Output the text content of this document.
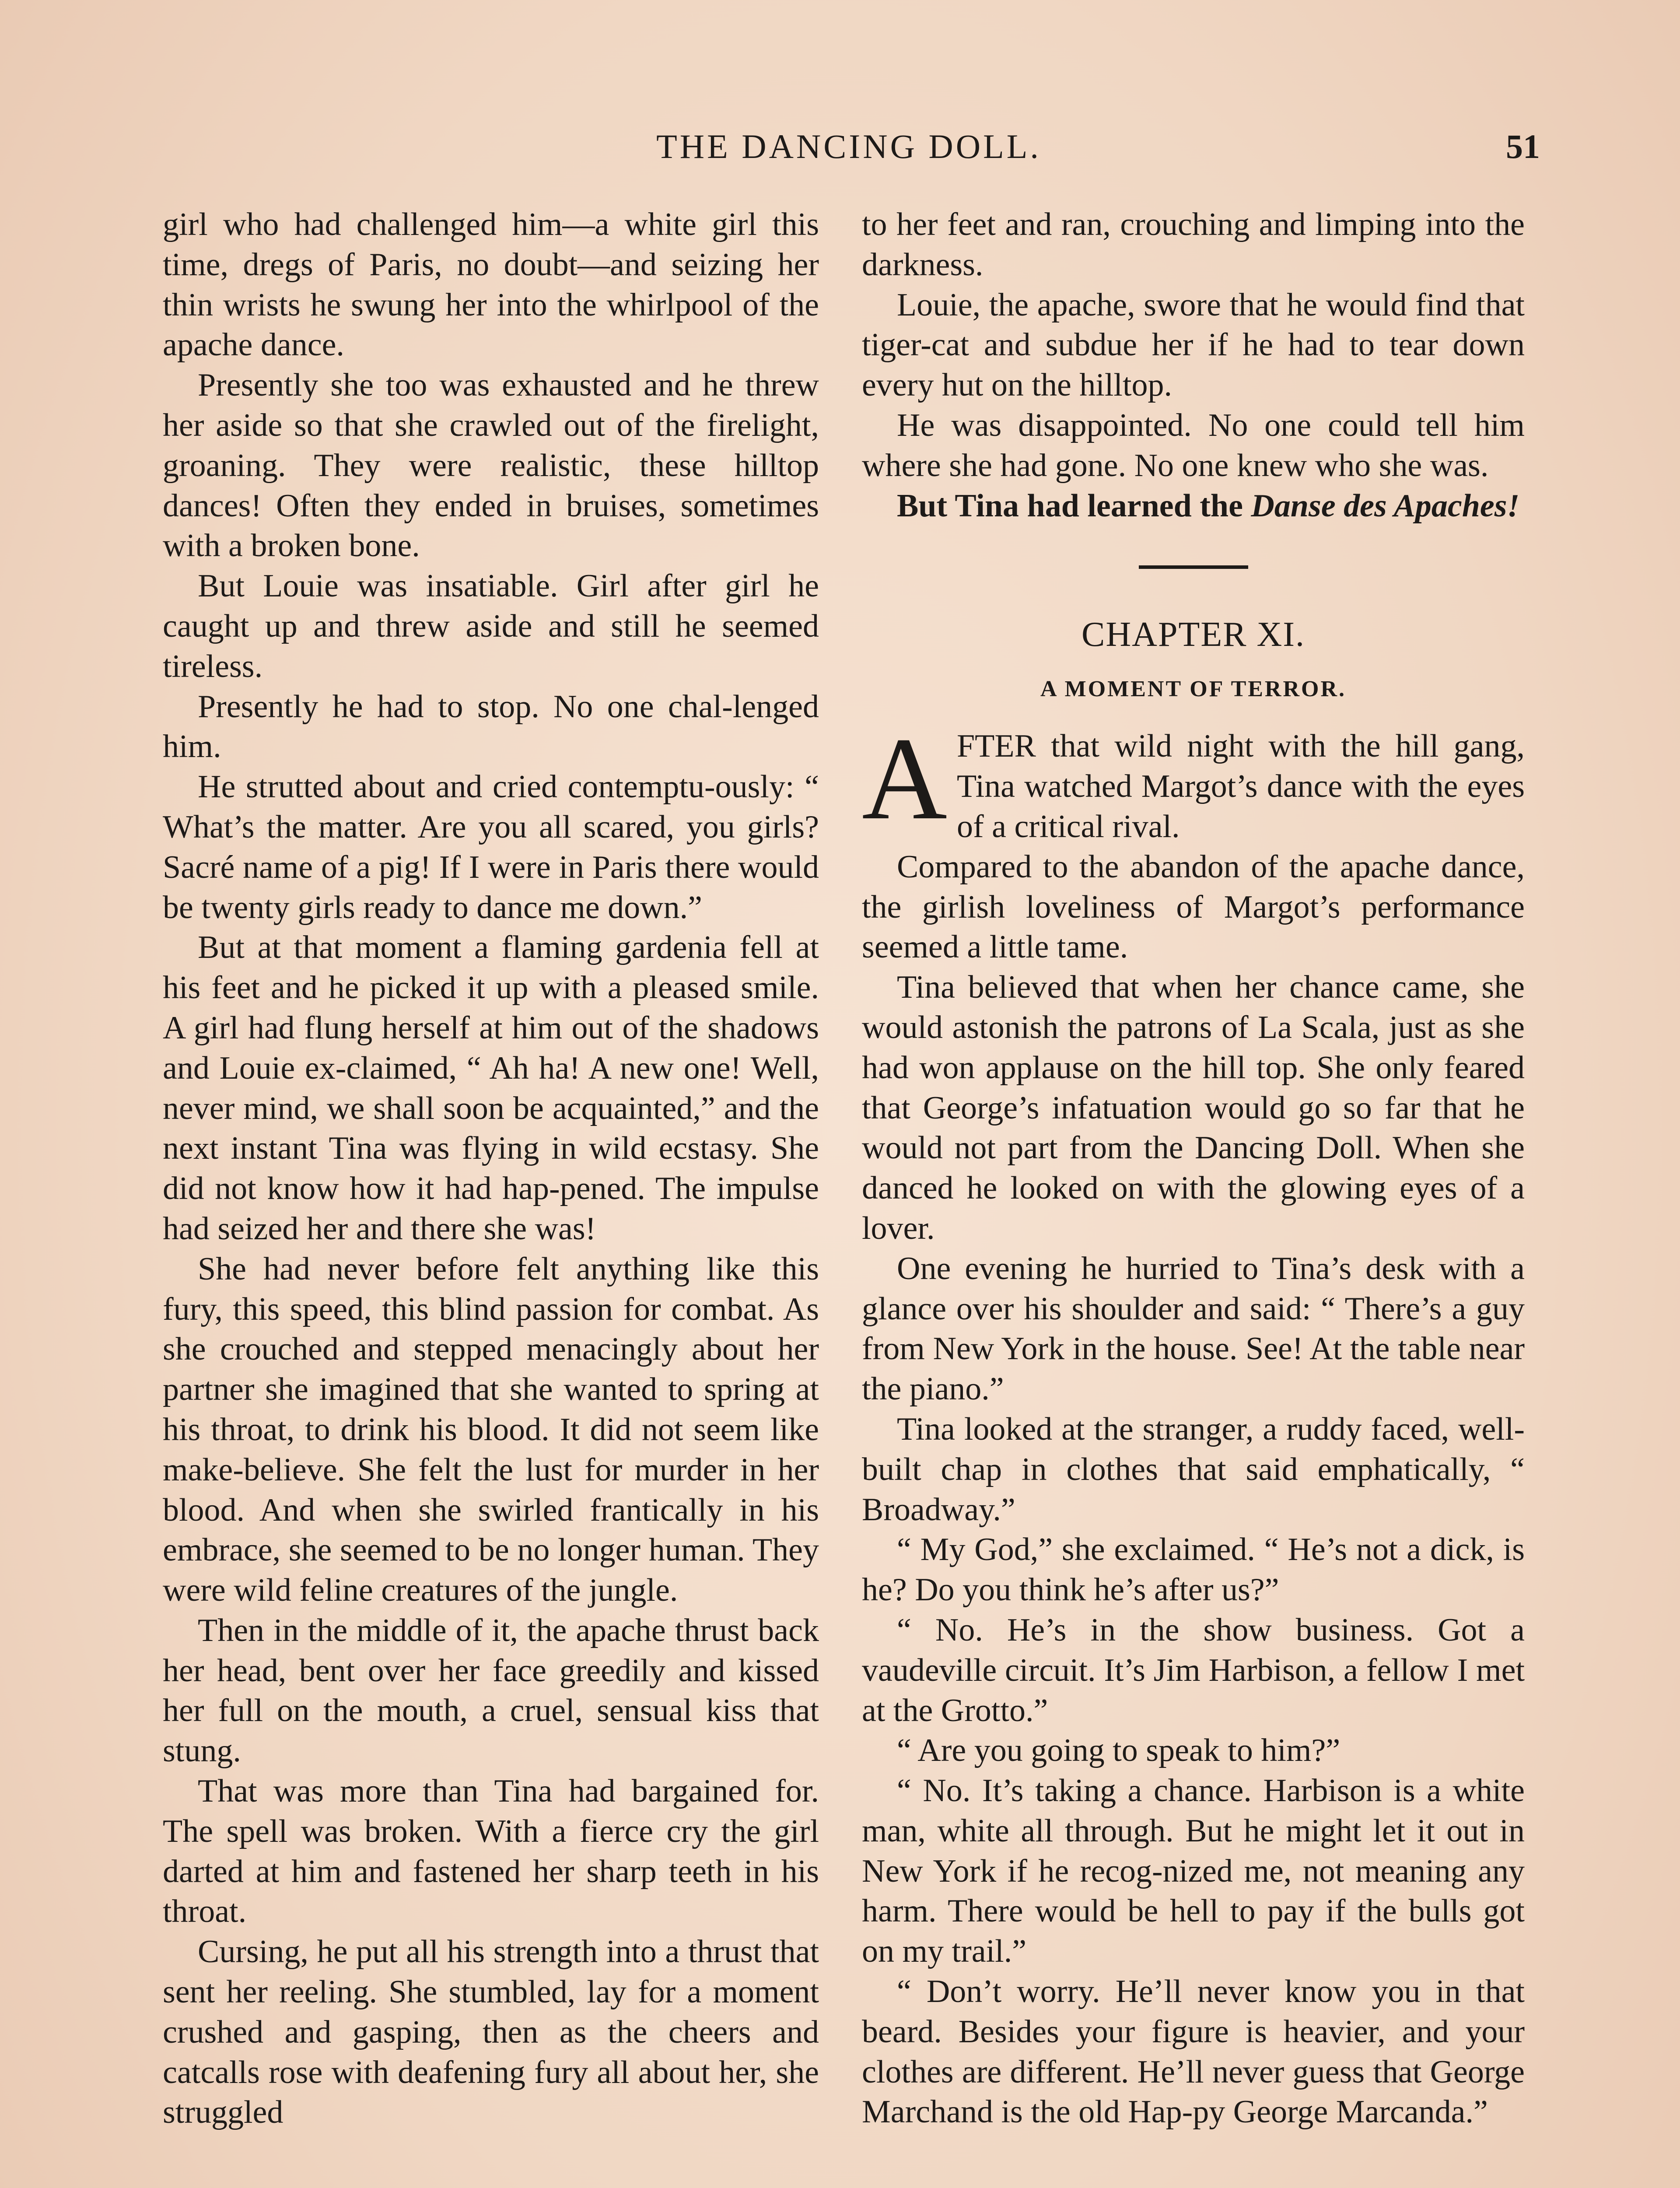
THE DANCING DOLL.	51

girl who had challenged him—a white girl this time, dregs of Paris, no doubt—and seizing her thin wrists he swung her into the whirlpool of the apache dance.

Presently she too was exhausted and he threw her aside so that she crawled out of the firelight, groaning. They were realistic, these hilltop dances! Often they ended in bruises, sometimes with a broken bone.

But Louie was insatiable. Girl after girl he caught up and threw aside and still he seemed tireless.

Presently he had to stop. No one chal-lenged him.

He strutted about and cried contemptu-ously: “ What’s the matter. Are you all scared, you girls? Sacré name of a pig! If I were in Paris there would be twenty girls ready to dance me down.”

But at that moment a flaming gardenia fell at his feet and he picked it up with a pleased smile. A girl had flung herself at him out of the shadows and Louie ex-claimed, “ Ah ha! A new one! Well, never mind, we shall soon be acquainted,” and the next instant Tina was flying in wild ecstasy. She did not know how it had hap-pened. The impulse had seized her and there she was!

She had never before felt anything like this fury, this speed, this blind passion for combat. As she crouched and stepped menacingly about her partner she imagined that she wanted to spring at his throat, to drink his blood. It did not seem like make-believe. She felt the lust for murder in her blood. And when she swirled frantically in his embrace, she seemed to be no longer human. They were wild feline creatures of the jungle.

Then in the middle of it, the apache thrust back her head, bent over her face greedily and kissed her full on the mouth, a cruel, sensual kiss that stung.

That was more than Tina had bargained for. The spell was broken. With a fierce cry the girl darted at him and fastened her sharp teeth in his throat.

Cursing, he put all his strength into a thrust that sent her reeling. She stumbled, lay for a moment crushed and gasping, then as the cheers and catcalls rose with deafening fury all about her, she struggled

to her feet and ran, crouching and limping into the darkness.

Louie, the apache, swore that he would find that tiger-cat and subdue her if he had to tear down every hut on the hilltop.

He was disappointed. No one could tell him where she had gone. No one knew who she was.

But Tina had learned the Danse des Apaches!

CHAPTER XI.

A MOMENT OF TERROR.

AFTER that wild night with the hill gang, Tina watched Margot’s dance with the eyes of a critical rival.

Compared to the abandon of the apache dance, the girlish loveliness of Margot’s performance seemed a little tame.

Tina believed that when her chance came, she would astonish the patrons of La Scala, just as she had won applause on the hill top. She only feared that George’s infatuation would go so far that he would not part from the Dancing Doll. When she danced he looked on with the glowing eyes of a lover.

One evening he hurried to Tina’s desk with a glance over his shoulder and said: “ There’s a guy from New York in the house. See! At the table near the piano.”

Tina looked at the stranger, a ruddy faced, well-built chap in clothes that said emphatically, “ Broadway.”

“ My God,” she exclaimed. “ He’s not a dick, is he? Do you think he’s after us?”

“ No. He’s in the show business. Got a vaudeville circuit. It’s Jim Harbison, a fellow I met at the Grotto.”

“ Are you going to speak to him?”

“ No. It’s taking a chance. Harbison is a white man, white all through. But he might let it out in New York if he recog-nized me, not meaning any harm. There would be hell to pay if the bulls got on my trail.”

“ Don’t worry. He’ll never know you in that beard. Besides your figure is heavier, and your clothes are different. He’ll never guess that George Marchand is the old Hap-py George Marcanda.”
